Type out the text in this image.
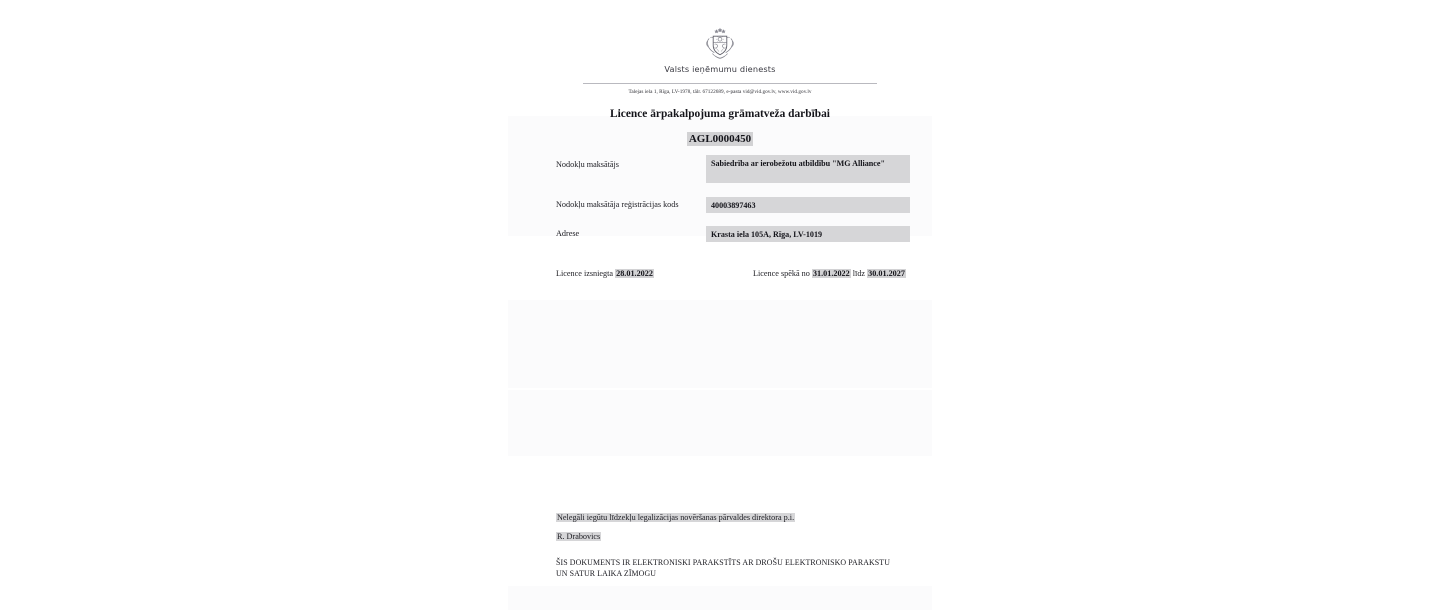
Valsts ieņēmumu dienests
Talejas iela 1, Rīga, LV-1978, tālr. 67122689, e-pasta vid@vid.gov.lv, www.vid.gov.lv
Licence ārpakalpojuma grāmatveža darbībai
AGL0000450
Nodokļu maksātājs	Sabiedrība ar ierobežotu atbildību "MG Alliance"
Nodokļu maksātāja reģistrācijas kods	40003897463
Adrese	Krasta iela 105A, Rīga, LV-1019
Licence izsniegta 28.01.2022	Licence spēkā no 31.01.2022 līdz 30.01.2027
Nelegāli iegūtu līdzekļu legalizācijas novēršanas pārvaldes direktora p.i.
R. Drabovics
ŠIS DOKUMENTS IR ELEKTRONISKI PARAKSTĪTS AR DROŠU ELEKTRONISKO PARAKSTU UN SATUR LAIKA ZĪMOGU
